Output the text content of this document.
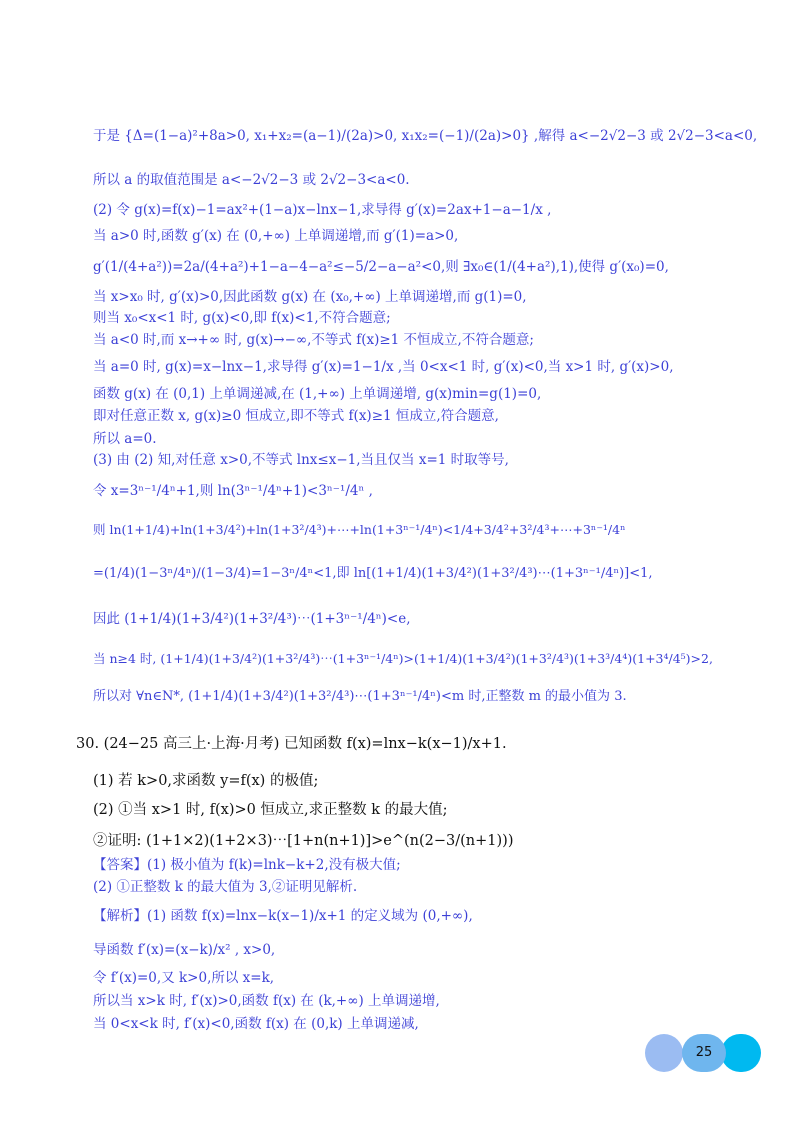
于是 {Δ=(1−a)²+8a>0, x₁+x₂=(a−1)/(2a)>0, x₁x₂=(−1)/(2a)>0} ,解得 a<−2√2−3 或 2√2−3<a<0,
所以 a 的取值范围是 a<−2√2−3 或 2√2−3<a<0.
(2) 令 g(x)=f(x)−1=ax²+(1−a)x−lnx−1,求导得 g′(x)=2ax+1−a−1/x ,
当 a>0 时,函数 g′(x) 在 (0,+∞) 上单调递增,而 g′(1)=a>0,
g′(1/(4+a²))=2a/(4+a²)+1−a−4−a²≤−5/2−a−a²<0,则 ∃x₀∈(1/(4+a²),1),使得 g′(x₀)=0,
当 x>x₀ 时, g′(x)>0,因此函数 g(x) 在 (x₀,+∞) 上单调递增,而 g(1)=0,
则当 x₀<x<1 时, g(x)<0,即 f(x)<1,不符合题意;
当 a<0 时,而 x→+∞ 时, g(x)→−∞,不等式 f(x)≥1 不恒成立,不符合题意;
当 a=0 时, g(x)=x−lnx−1,求导得 g′(x)=1−1/x ,当 0<x<1 时, g′(x)<0,当 x>1 时, g′(x)>0,
函数 g(x) 在 (0,1) 上单调递减,在 (1,+∞) 上单调递增, g(x)min=g(1)=0,
即对任意正数 x, g(x)≥0 恒成立,即不等式 f(x)≥1 恒成立,符合题意,
所以 a=0.
(3) 由 (2) 知,对任意 x>0,不等式 lnx≤x−1,当且仅当 x=1 时取等号,
令 x=3ⁿ⁻¹/4ⁿ+1,则 ln(3ⁿ⁻¹/4ⁿ+1)<3ⁿ⁻¹/4ⁿ ,
则 ln(1+1/4)+ln(1+3/4²)+ln(1+3²/4³)+⋯+ln(1+3ⁿ⁻¹/4ⁿ)<1/4+3/4²+3²/4³+⋯+3ⁿ⁻¹/4ⁿ
=(1/4)(1−3ⁿ/4ⁿ)/(1−3/4)=1−3ⁿ/4ⁿ<1,即 ln[(1+1/4)(1+3/4²)(1+3²/4³)⋯(1+3ⁿ⁻¹/4ⁿ)]<1,
因此 (1+1/4)(1+3/4²)(1+3²/4³)⋯(1+3ⁿ⁻¹/4ⁿ)<e,
当 n≥4 时, (1+1/4)(1+3/4²)(1+3²/4³)⋯(1+3ⁿ⁻¹/4ⁿ)>(1+1/4)(1+3/4²)(1+3²/4³)(1+3³/4⁴)(1+3⁴/4⁵)>2,
所以对 ∀n∈N*, (1+1/4)(1+3/4²)(1+3²/4³)⋯(1+3ⁿ⁻¹/4ⁿ)<m 时,正整数 m 的最小值为 3.
30. (24−25 高三上·上海·月考) 已知函数 f(x)=lnx−k(x−1)/x+1.
(1) 若 k>0,求函数 y=f(x) 的极值;
(2) ①当 x>1 时, f(x)>0 恒成立,求正整数 k 的最大值;
②证明: (1+1×2)(1+2×3)⋯[1+n(n+1)]>e^(n(2−3/(n+1)))
【答案】(1) 极小值为 f(k)=lnk−k+2,没有极大值;
(2) ①正整数 k 的最大值为 3,②证明见解析.
【解析】(1) 函数 f(x)=lnx−k(x−1)/x+1 的定义域为 (0,+∞),
导函数 f′(x)=(x−k)/x² , x>0,
令 f′(x)=0,又 k>0,所以 x=k,
所以当 x>k 时, f′(x)>0,函数 f(x) 在 (k,+∞) 上单调递增,
当 0<x<k 时, f′(x)<0,函数 f(x) 在 (0,k) 上单调递减,
25
